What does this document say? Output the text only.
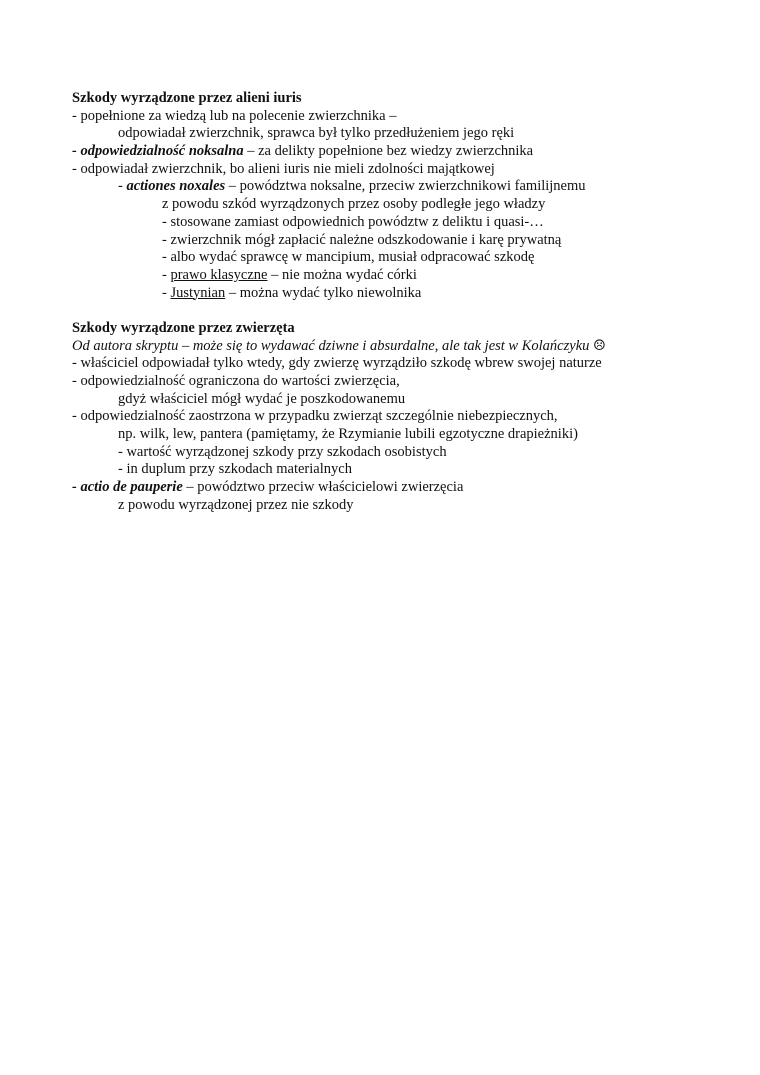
Szkody wyrządzone przez alieni iuris
- popełnione za wiedzą lub na polecenie zwierzchnika –
odpowiadał zwierzchnik, sprawca był tylko przedłużeniem jego ręki
- odpowiedzialność noksalna – za delikty popełnione bez wiedzy zwierzchnika
- odpowiadał zwierzchnik, bo alieni iuris nie mieli zdolności majątkowej
- actiones noxales – powództwa noksalne, przeciw zwierzchnikowi familijnemu
z powodu szkód wyrządzonych przez osoby podległe jego władzy
- stosowane zamiast odpowiednich powództw z deliktu i quasi-…
- zwierzchnik mógł zapłacić należne odszkodowanie i karę prywatną
- albo wydać sprawcę w mancipium, musiał odpracować szkodę
- prawo klasyczne – nie można wydać córki
- Justynian – można wydać tylko niewolnika
Szkody wyrządzone przez zwierzęta
Od autora skryptu – może się to wydawać dziwne i absurdalne, ale tak jest w Kolańczyku ☹
- właściciel odpowiadał tylko wtedy, gdy zwierzę wyrządziło szkodę wbrew swojej naturze
- odpowiedzialność ograniczona do wartości zwierzęcia,
gdyż właściciel mógł wydać je poszkodowanemu
- odpowiedzialność zaostrzona w przypadku zwierząt szczególnie niebezpiecznych,
np. wilk, lew, pantera (pamiętamy, że Rzymianie lubili egzotyczne drapieżniki)
- wartość wyrządzonej szkody przy szkodach osobistych
- in duplum przy szkodach materialnych
- actio de pauperie – powództwo przeciw właścicielowi zwierzęcia
z powodu wyrządzonej przez nie szkody
